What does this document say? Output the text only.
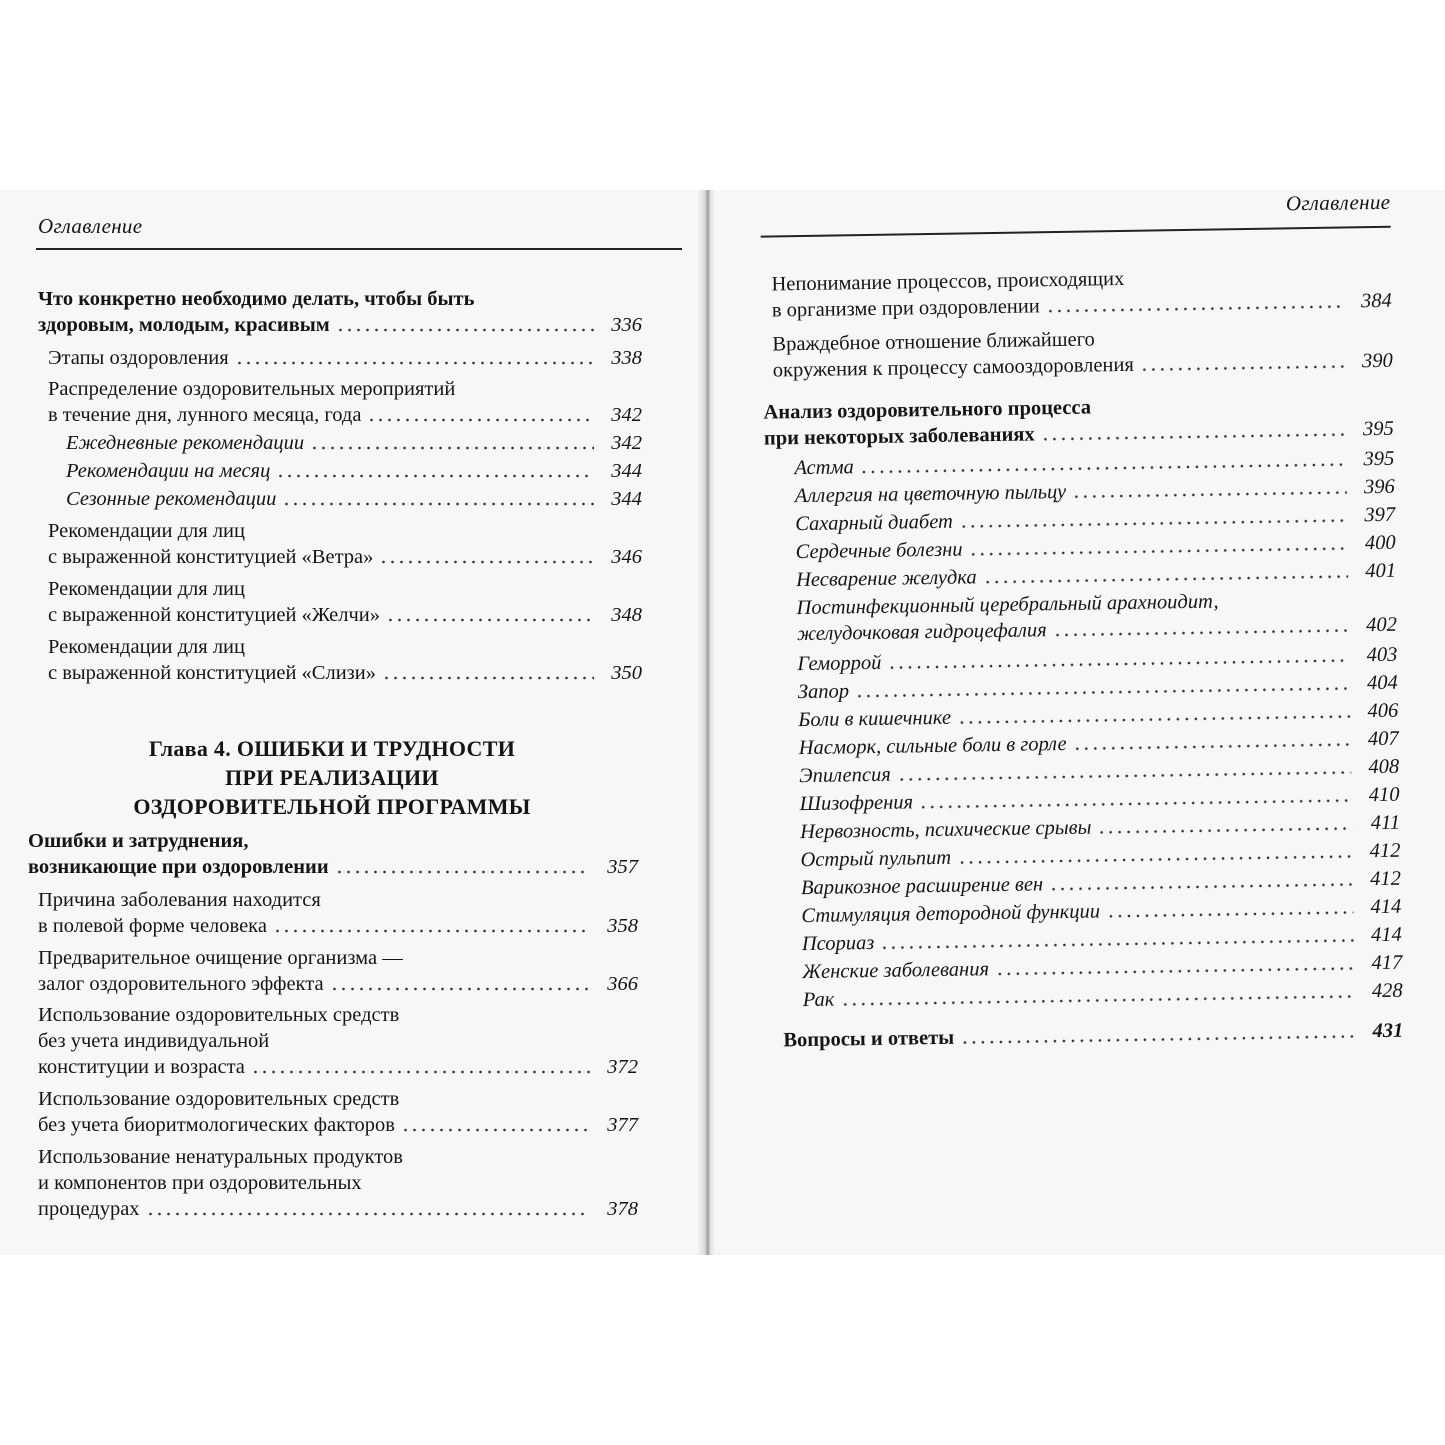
Оглавление
Что конкретно необходимо делать, чтобы быть
здоровым, молодым, красивым	336
Этапы оздоровления	338
Распределение оздоровительных мероприятий
в течение дня, лунного месяца, года	342
Ежедневные рекомендации	342
Рекомендации на месяц	344
Сезонные рекомендации	344
Рекомендации для лиц
с выраженной конституцией «Ветра»	346
Рекомендации для лиц
с выраженной конституцией «Желчи»	348
Рекомендации для лиц
с выраженной конституцией «Слизи»	350
Глава 4. ОШИБКИ И ТРУДНОСТИ
ПРИ РЕАЛИЗАЦИИ
ОЗДОРОВИТЕЛЬНОЙ ПРОГРАММЫ
Ошибки и затруднения,
возникающие при оздоровлении	357
Причина заболевания находится
в полевой форме человека	358
Предварительное очищение организма —
залог оздоровительного эффекта	366
Использование оздоровительных средств
без учета индивидуальной
конституции и возраста	372
Использование оздоровительных средств
без учета биоритмологических факторов	377
Использование ненатуральных продуктов
и компонентов при оздоровительных
процедурах	378
Оглавление
Непонимание процессов, происходящих
в организме при оздоровлении	384
Враждебное отношение ближайшего
окружения к процессу самооздоровления	390
Анализ оздоровительного процесса
при некоторых заболеваниях	395
Астма	395
Аллергия на цветочную пыльцу	396
Сахарный диабет	397
Сердечные болезни	400
Несварение желудка	401
Постинфекционный церебральный арахноидит,
желудочковая гидроцефалия	402
Геморрой	403
Запор	404
Боли в кишечнике	406
Насморк, сильные боли в горле	407
Эпилепсия	408
Шизофрения	410
Нервозность, психические срывы	411
Острый пульпит	412
Варикозное расширение вен	412
Стимуляция детородной функции	414
Псориаз	414
Женские заболевания	417
Рак	428
Вопросы и ответы	431
